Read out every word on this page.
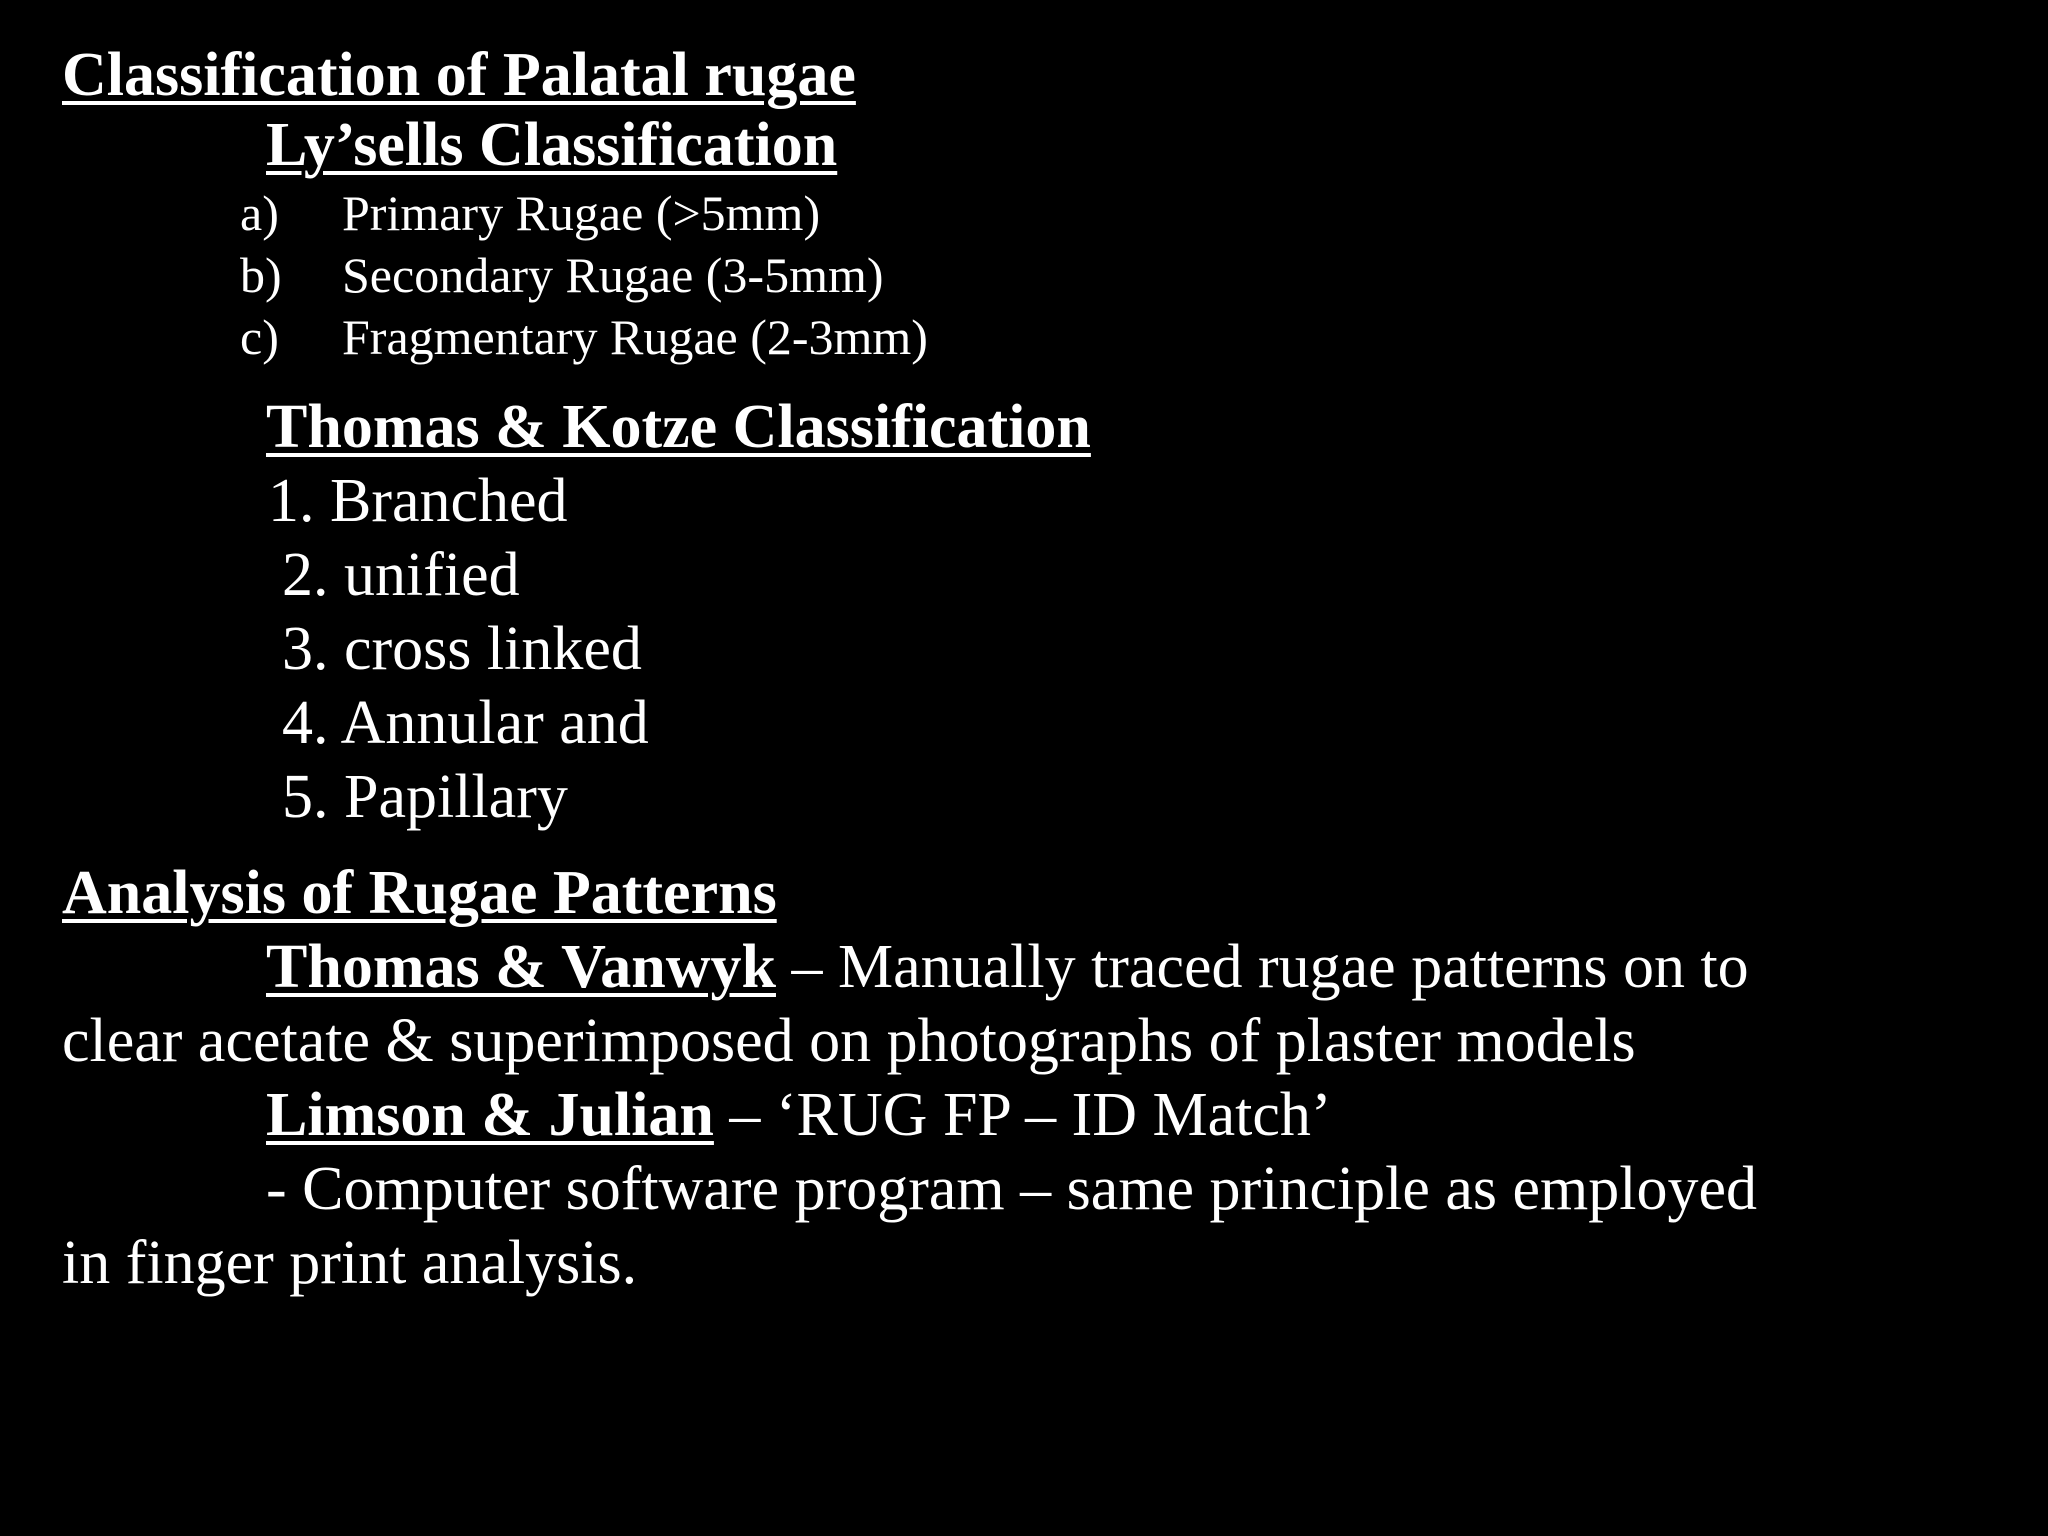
Classification of Palatal rugae
Ly’sells Classification
a) Primary Rugae (>5mm)
b) Secondary Rugae (3-5mm)
c) Fragmentary Rugae (2-3mm)
Thomas & Kotze Classification
1. Branched
2. unified
3. cross linked
4. Annular and
5. Papillary
Analysis of Rugae Patterns
Thomas & Vanwyk – Manually traced rugae patterns on to
clear acetate & superimposed on photographs of plaster models
Limson & Julian – ‘RUG FP – ID Match’
- Computer software program – same principle as employed
in finger print analysis.
